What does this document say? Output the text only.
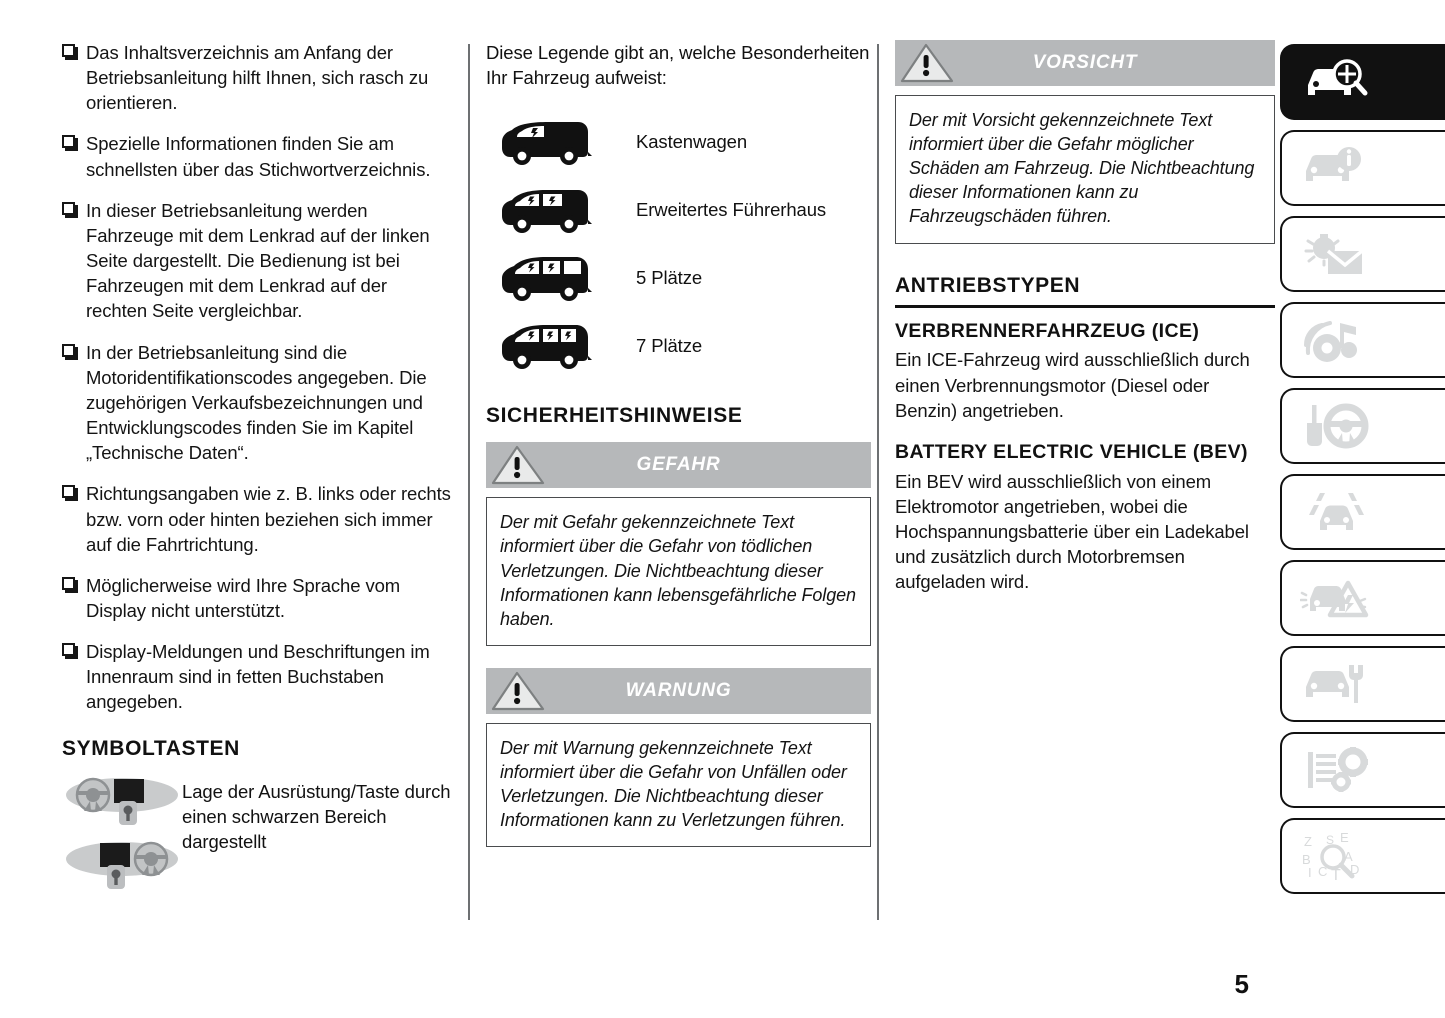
Das Inhaltsverzeichnis am Anfang der Betriebsanleitung hilft Ihnen, sich rasch zu orientieren.
Spezielle Informationen finden Sie am schnellsten über das Stichwortverzeichnis.
In dieser Betriebsanleitung werden Fahrzeuge mit dem Lenkrad auf der linken Seite dargestellt. Die Bedienung ist bei Fahrzeugen mit dem Lenkrad auf der rechten Seite vergleichbar.
In der Betriebsanleitung sind die Motoridentifikationscodes angegeben. Die zugehörigen Verkaufsbezeichnungen und Entwicklungscodes finden Sie im Kapitel „Technische Daten“.
Richtungsangaben wie z. B. links oder rechts bzw. vorn oder hinten beziehen sich immer auf die Fahrtrichtung.
Möglicherweise wird Ihre Sprache vom Display nicht unterstützt.
Display-Meldungen und Beschriftungen im Innenraum sind in fetten Buchstaben angegeben.
SYMBOLTASTEN
Lage der Ausrüstung/Taste durch einen schwarzen Bereich dargestellt

Diese Legende gibt an, welche Besonderheiten Ihr Fahrzeug aufweist:

Kastenwagen
Erweitertes Führerhaus
5 Plätze
7 Plätze
SICHERHEITSHINWEISE
GEFAHR

Der mit Gefahr gekennzeichnete Text informiert über die Gefahr von tödlichen Verletzungen. Die Nichtbeachtung dieser Informationen kann lebensgefährliche Folgen haben.

WARNUNG

Der mit Warnung gekennzeichnete Text informiert über die Gefahr von Unfällen oder Verletzungen. Die Nichtbeachtung dieser Informationen kann zu Verletzungen führen.

VORSICHT

Der mit Vorsicht gekennzeichnete Text informiert über die Gefahr möglicher Schäden am Fahrzeug. Die Nichtbeachtung dieser Informationen kann zu Fahrzeugschäden führen.

ANTRIEBSTYPEN
VERBRENNERFAHRZEUG (ICE)

Ein ICE-Fahrzeug wird ausschließlich durch einen Verbrennungsmotor (Diesel oder Benzin) angetrieben.

BATTERY ELECTRIC VEHICLE (BEV)

Ein BEV wird ausschließlich von einem Elektromotor angetrieben, wobei die Hochspannungsbatterie über ein Ladekabel und zusätzlich durch Motorbremsen aufgeladen wird.

Z
B
I C T
E
A
D
S
5
